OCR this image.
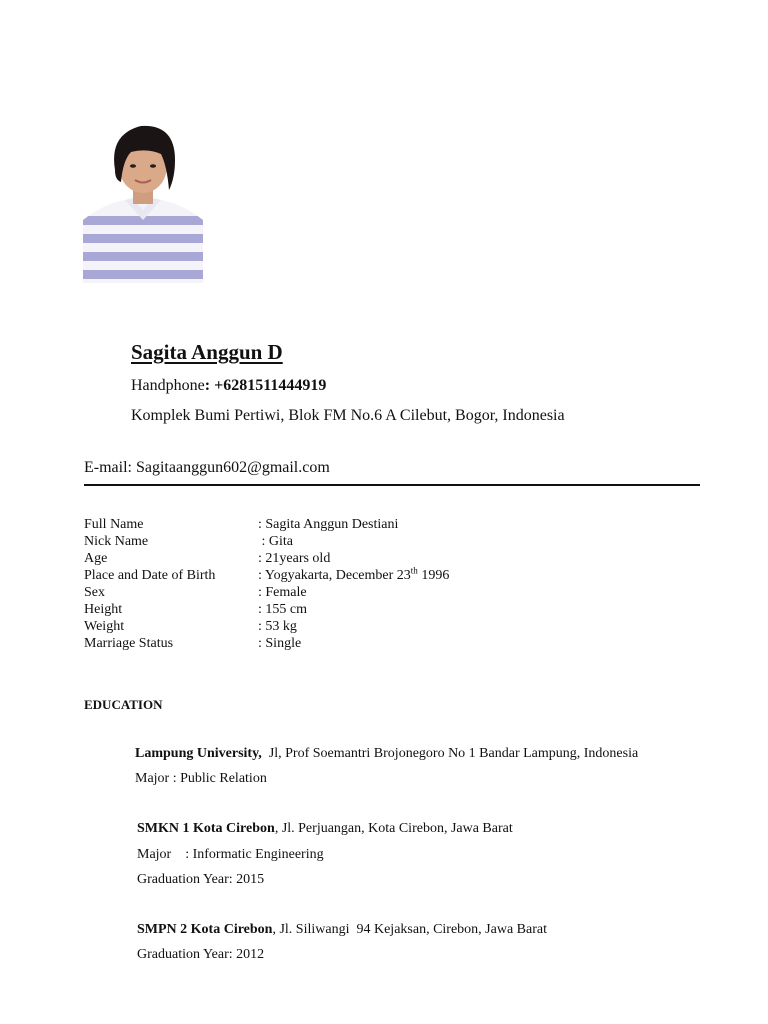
Sagita Anggun D
Handphone: +6281511444919
Komplek Bumi Pertiwi, Blok FM No.6 A Cilebut, Bogor, Indonesia
E-mail: Sagitaanggun602@gmail.com
Full Name	: Sagita Anggun Destiani
Nick Name	: Gita
Age	: 21years old
Place and Date of Birth	: Yogyakarta, December 23th 1996
Sex	: Female
Height	: 155 cm
Weight	: 53 kg
Marriage Status	: Single
EDUCATION
Lampung University,  Jl, Prof Soemantri Brojonegoro No 1 Bandar Lampung, Indonesia
Major : Public Relation
SMKN 1 Kota Cirebon, Jl. Perjuangan, Kota Cirebon, Jawa Barat
Major    : Informatic Engineering
Graduation Year: 2015
SMPN 2 Kota Cirebon, Jl. Siliwangi  94 Kejaksan, Cirebon, Jawa Barat
Graduation Year: 2012
